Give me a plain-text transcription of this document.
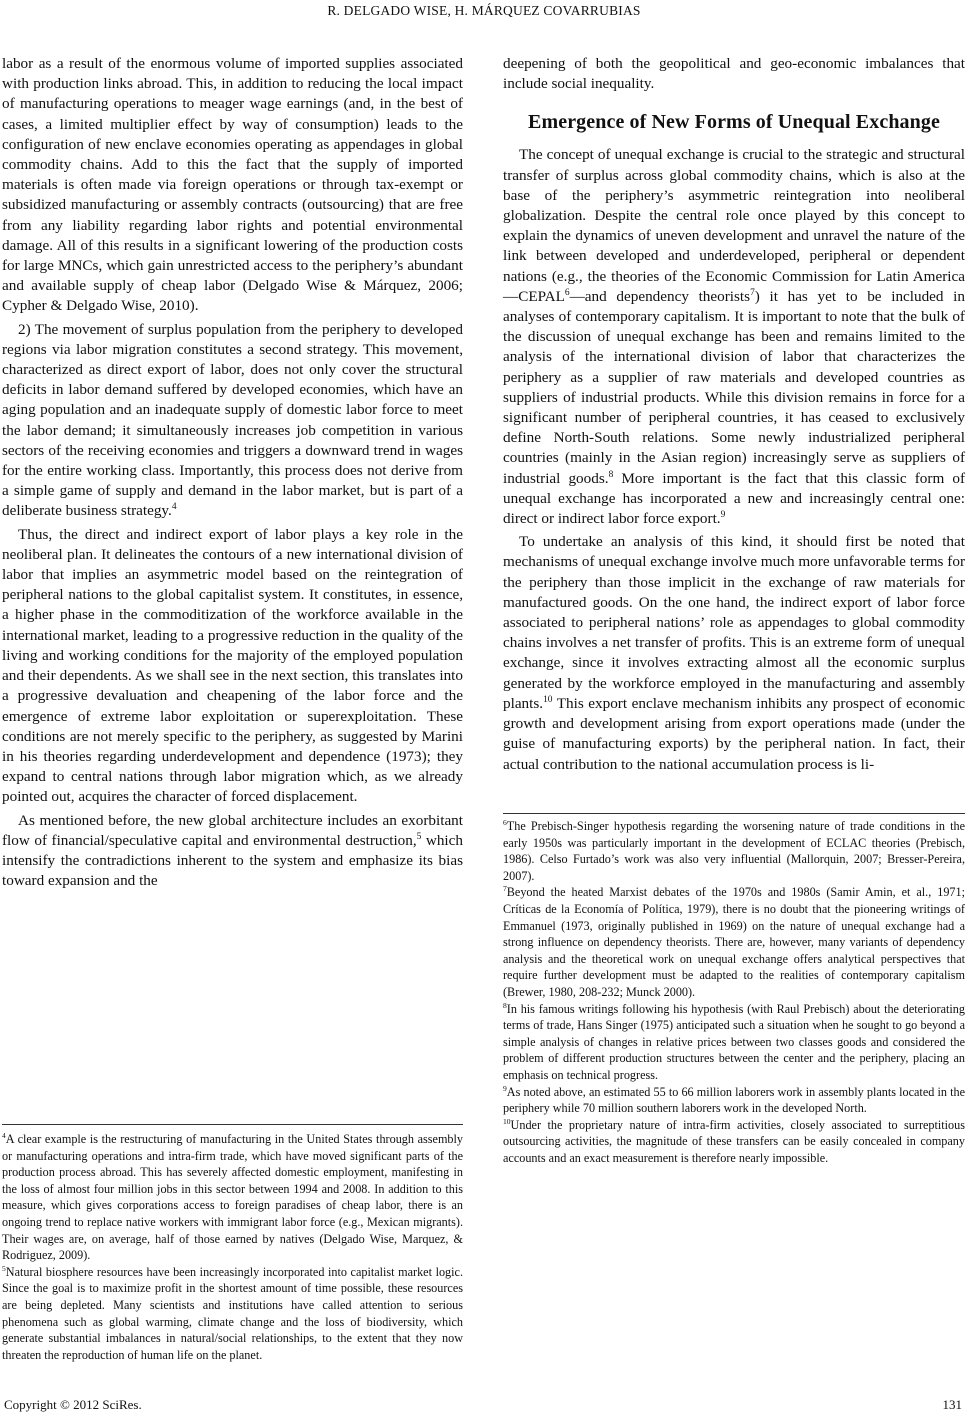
R. DELGADO WISE, H. MÁRQUEZ COVARRUBIAS

labor as a result of the enormous volume of imported supplies associated with production links abroad. This, in addition to reducing the local impact of manufacturing operations to meager wage earnings (and, in the best of cases, a limited multiplier effect by way of consumption) leads to the configuration of new enclave economies operating as appendages in global commodity chains. Add to this the fact that the supply of imported materials is often made via foreign operations or through tax-exempt or subsidized manufacturing or assembly contracts (outsourcing) that are free from any liability regarding labor rights and potential environmental damage. All of this results in a significant lowering of the production costs for large MNCs, which gain unrestricted access to the periphery’s abundant and available supply of cheap labor (Delgado Wise & Márquez, 2006; Cypher & Delgado Wise, 2010).

2) The movement of surplus population from the periphery to developed regions via labor migration constitutes a second strategy. This movement, characterized as direct export of labor, does not only cover the structural deficits in labor demand suffered by developed economies, which have an aging population and an inadequate supply of domestic labor force to meet the labor demand; it simultaneously increases job competition in various sectors of the receiving economies and triggers a downward trend in wages for the entire working class. Importantly, this process does not derive from a simple game of supply and demand in the labor market, but is part of a deliberate business strategy.$^4$

Thus, the direct and indirect export of labor plays a key role in the neoliberal plan. It delineates the contours of a new international division of labor that implies an asymmetric model based on the reintegration of peripheral nations to the global capitalist system. It constitutes, in essence, a higher phase in the commoditization of the workforce available in the international market, leading to a progressive reduction in the quality of the living and working conditions for the majority of the employed population and their dependents. As we shall see in the next section, this translates into a progressive devaluation and cheapening of the labor force and the emergence of extreme labor exploitation or superexploitation. These conditions are not merely specific to the periphery, as suggested by Marini in his theories regarding underdevelopment and dependence (1973); they expand to central nations through labor migration which, as we already pointed out, acquires the character of forced displacement.

As mentioned before, the new global architecture includes an exorbitant flow of financial/speculative capital and environmental destruction,$^5$ which intensify the contradictions inherent to the system and emphasize its bias toward expansion and the

$^4$A clear example is the restructuring of manufacturing in the United States through assembly or manufacturing operations and intra-firm trade, which have moved significant parts of the production process abroad. This has severely affected domestic employment, manifesting in the loss of almost four million jobs in this sector between 1994 and 2008. In addition to this measure, which gives corporations access to foreign paradises of cheap labor, there is an ongoing trend to replace native workers with immigrant labor force (e.g., Mexican migrants). Their wages are, on average, half of those earned by natives (Delgado Wise, Marquez, & Rodriguez, 2009).

$^5$Natural biosphere resources have been increasingly incorporated into capitalist market logic. Since the goal is to maximize profit in the shortest amount of time possible, these resources are being depleted. Many scientists and institutions have called attention to serious phenomena such as global warming, climate change and the loss of biodiversity, which generate substantial imbalances in natural/social relationships, to the extent that they now threaten the reproduction of human life on the planet.

deepening of both the geopolitical and geo-economic imbalances that include social inequality.

Emergence of New Forms of Unequal Exchange

The concept of unequal exchange is crucial to the strategic and structural transfer of surplus across global commodity chains, which is also at the base of the periphery’s asymmetric reintegration into neoliberal globalization. Despite the central role once played by this concept to explain the dynamics of uneven development and unravel the nature of the link between developed and underdeveloped, peripheral or dependent nations (e.g., the theories of the Economic Commission for Latin America—CEPAL$^6$—and dependency theorists$^7$) it has yet to be included in analyses of contemporary capitalism. It is important to note that the bulk of the discussion of unequal exchange has been and remains limited to the analysis of the international division of labor that characterizes the periphery as a supplier of raw materials and developed countries as suppliers of industrial products. While this division remains in force for a significant number of peripheral countries, it has ceased to exclusively define North-South relations. Some newly industrialized peripheral countries (mainly in the Asian region) increasingly serve as suppliers of industrial goods.$^8$ More important is the fact that this classic form of unequal exchange has incorporated a new and increasingly central one: direct or indirect labor force export.$^9$

To undertake an analysis of this kind, it should first be noted that mechanisms of unequal exchange involve much more unfavorable terms for the periphery than those implicit in the exchange of raw materials for manufactured goods. On the one hand, the indirect export of labor force associated to peripheral nations’ role as appendages to global commodity chains involves a net transfer of profits. This is an extreme form of unequal exchange, since it involves extracting almost all the economic surplus generated by the workforce employed in the manufacturing and assembly plants.$^{10}$ This export enclave mechanism inhibits any prospect of economic growth and development arising from export operations made (under the guise of manufacturing exports) by the peripheral nation. In fact, their actual contribution to the national accumulation process is li-

$^6$The Prebisch-Singer hypothesis regarding the worsening nature of trade conditions in the early 1950s was particularly important in the development of ECLAC theories (Prebisch, 1986). Celso Furtado’s work was also very influential (Mallorquin, 2007; Bresser-Pereira, 2007).

$^7$Beyond the heated Marxist debates of the 1970s and 1980s (Samir Amin, et al., 1971; Críticas de la Economía of Política, 1979), there is no doubt that the pioneering writings of Emmanuel (1973, originally published in 1969) on the nature of unequal exchange had a strong influence on dependency theorists. There are, however, many variants of dependency analysis and the theoretical work on unequal exchange offers analytical perspectives that require further development must be adapted to the realities of contemporary capitalism (Brewer, 1980, 208-232; Munck 2000).

$^8$In his famous writings following his hypothesis (with Raul Prebisch) about the deteriorating terms of trade, Hans Singer (1975) anticipated such a situation when he sought to go beyond a simple analysis of changes in relative prices between two classes goods and considered the problem of different production structures between the center and the periphery, placing an emphasis on technical progress.

$^9$As noted above, an estimated 55 to 66 million laborers work in assembly plants located in the periphery while 70 million southern laborers work in the developed North.

$^{10}$Under the proprietary nature of intra-firm activities, closely associated to surreptitious outsourcing activities, the magnitude of these transfers can be easily concealed in company accounts and an exact measurement is therefore nearly impossible.

Copyright © 2012 SciRes.	131
